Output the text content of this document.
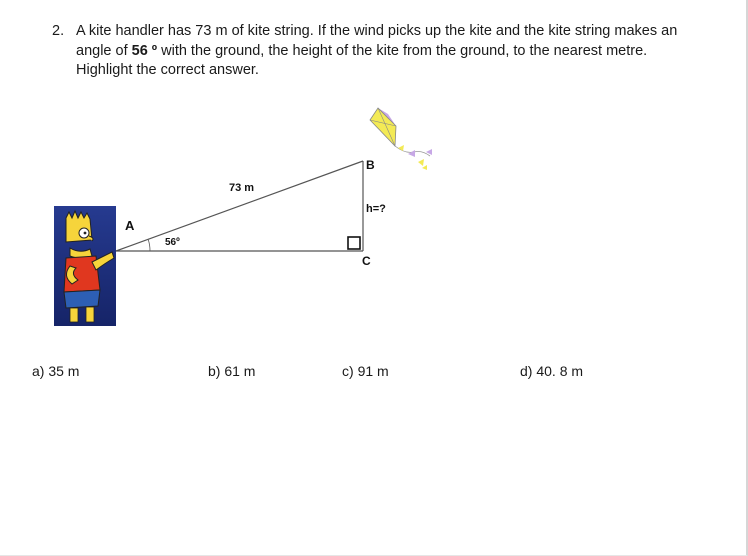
2. A kite handler has 73 m of kite string. If the wind picks up the kite and the kite string makes an angle of 56 º with the ground, the height of the kite from the ground, to the nearest metre.
Highlight the correct answer.
73 m
56º
A
B
C
h=?
a) 35 m	b) 61 m	c) 91 m	d) 40. 8 m
